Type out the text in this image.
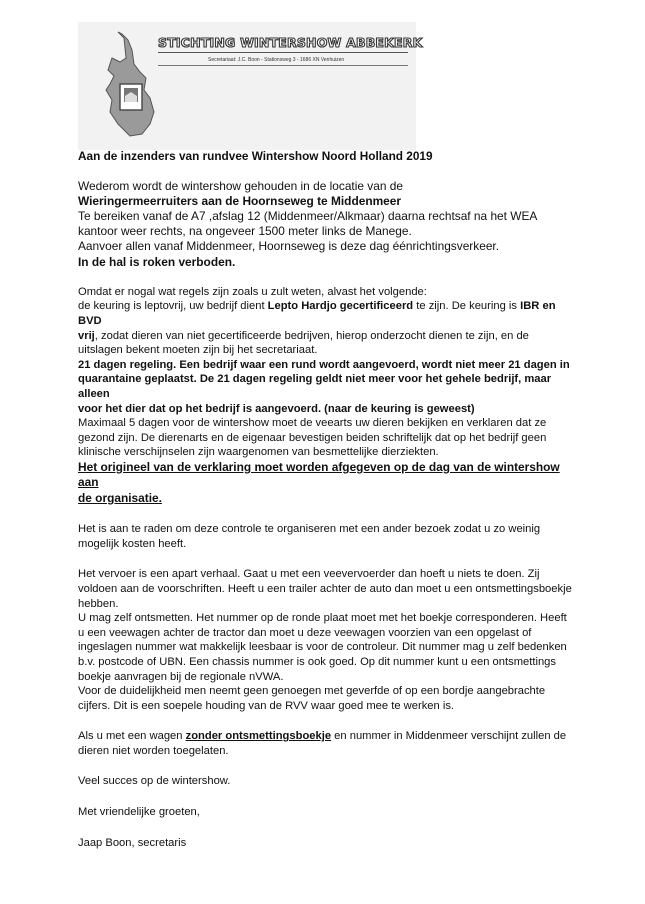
STICHTING WINTERSHOW ABBEKERK
Secretariaat: J.C. Boon - Stationsweg 3 - 1686 XN Venhuizen

Aan de inzenders van rundvee Wintershow Noord Holland 2019

Wederom wordt de wintershow gehouden in de locatie van de

Wieringermeerruiters aan de Hoornseweg te Middenmeer

Te bereiken vanaf de A7 ,afslag 12 (Middenmeer/Alkmaar) daarna rechtsaf na het WEA

kantoor weer rechts, na ongeveer 1500 meter links de Manege.

Aanvoer allen vanaf Middenmeer, Hoornseweg is deze dag éénrichtingsverkeer.

In de hal is roken verboden.

Omdat er nogal wat regels zijn zoals u zult weten, alvast het volgende:

de keuring is leptovrij, uw bedrijf dient Lepto Hardjo gecertificeerd te zijn. De keuring is IBR en BVD

vrij, zodat dieren van niet gecertificeerde bedrijven, hierop onderzocht dienen te zijn, en de

uitslagen bekent moeten zijn bij het secretariaat.

21 dagen regeling. Een bedrijf waar een rund wordt aangevoerd, wordt niet meer 21 dagen in

quarantaine geplaatst. De 21 dagen regeling geldt niet meer voor het gehele bedrijf, maar alleen

voor het dier dat op het bedrijf is aangevoerd. (naar de keuring is geweest)

Maximaal 5 dagen voor de wintershow moet de veearts uw dieren bekijken en verklaren dat ze

gezond zijn. De dierenarts en de eigenaar bevestigen beiden schriftelijk dat op het bedrijf geen

klinische verschijnselen zijn waargenomen van besmettelijke dierziekten.

Het origineel van de verklaring moet worden afgegeven op de dag van de wintershow aan

de organisatie.

Het is aan te raden om deze controle te organiseren met een ander bezoek zodat u zo weinig

mogelijk kosten heeft.

Het vervoer is een apart verhaal. Gaat u met een veevervoerder dan hoeft u niets te doen. Zij

voldoen aan de voorschriften. Heeft u een trailer achter de auto dan moet u een ontsmettingsboekje

hebben.

U mag zelf ontsmetten. Het nummer op de ronde plaat moet met het boekje corresponderen. Heeft

u een veewagen achter de tractor dan moet u deze veewagen voorzien van een opgelast of

ingeslagen nummer wat makkelijk leesbaar is voor de controleur. Dit nummer mag u zelf bedenken

b.v. postcode of UBN. Een chassis nummer is ook goed. Op dit nummer kunt u een ontsmettings

boekje aanvragen bij de regionale nVWA.

Voor de duidelijkheid men neemt geen genoegen met geverfde of op een bordje aangebrachte

cijfers. Dit is een soepele houding van de RVV waar goed mee te werken is.

Als u met een wagen zonder ontsmettingsboekje en nummer in Middenmeer verschijnt zullen de

dieren niet worden toegelaten.

Veel succes op de wintershow.

Met vriendelijke groeten,

Jaap Boon, secretaris
